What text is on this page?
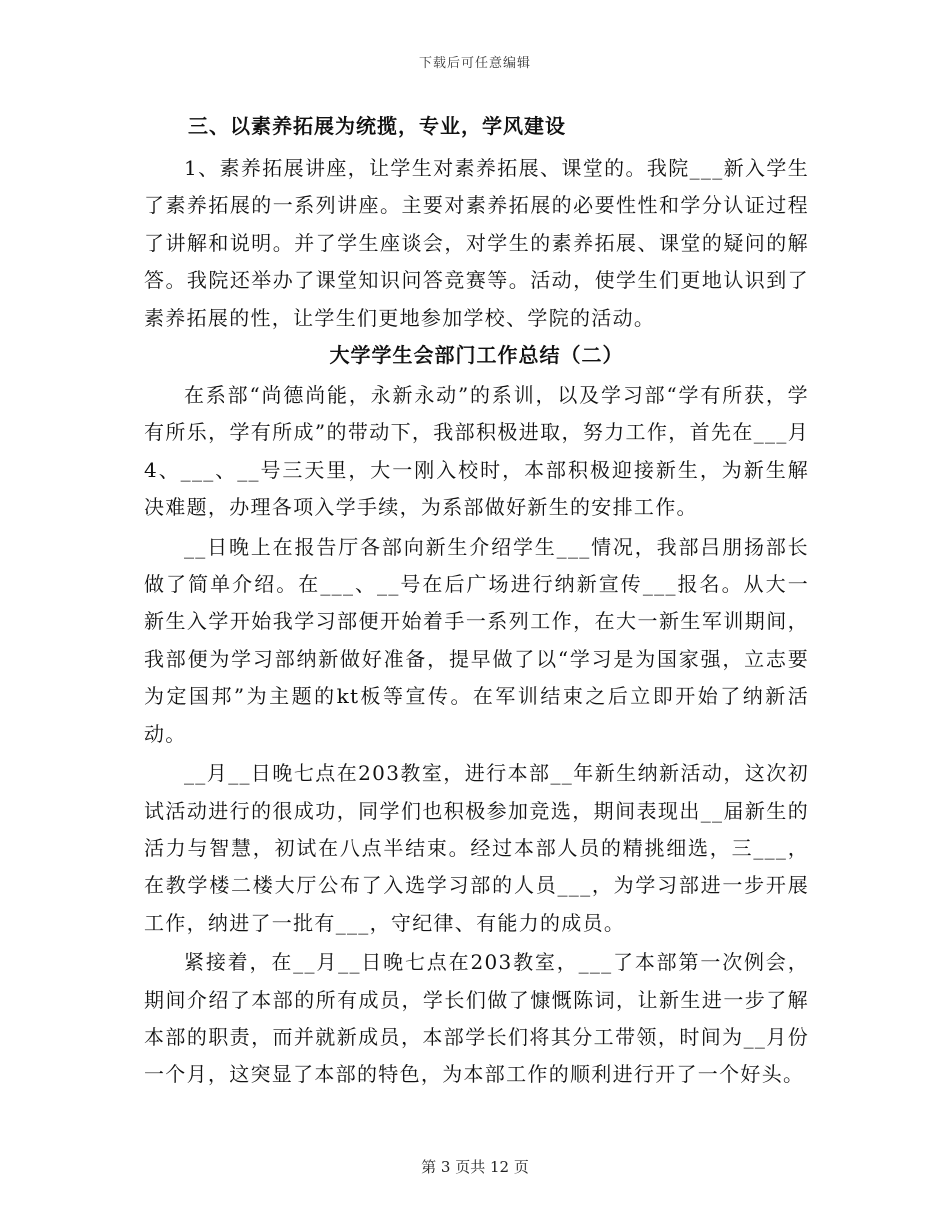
下载后可任意编辑
三、以素养拓展为统揽，专业，学风建设

1、素养拓展讲座，让学生对素养拓展、课堂的。我院___新入学生了素养拓展的一系列讲座。主要对素养拓展的必要性性和学分认证过程了讲解和说明。并了学生座谈会，对学生的素养拓展、课堂的疑问的解答。我院还举办了课堂知识问答竞赛等。活动，使学生们更地认识到了素养拓展的性，让学生们更地参加学校、学院的活动。

大学学生会部门工作总结（二）

在系部“尚德尚能，永新永动”的系训，以及学习部“学有所获，学有所乐，学有所成”的带动下，我部积极进取，努力工作，首先在___月4、___、__号三天里，大一刚入校时，本部积极迎接新生，为新生解决难题，办理各项入学手续，为系部做好新生的安排工作。

__日晚上在报告厅各部向新生介绍学生___情况，我部吕朋扬部长做了简单介绍。在___、__号在后广场进行纳新宣传___报名。从大一新生入学开始我学习部便开始着手一系列工作，在大一新生军训期间，我部便为学习部纳新做好准备，提早做了以“学习是为国家强，立志要为定国邦”为主题的kt板等宣传。在军训结束之后立即开始了纳新活动。

__月__日晚七点在203教室，进行本部__年新生纳新活动，这次初试活动进行的很成功，同学们也积极参加竞选，期间表现出__届新生的活力与智慧，初试在八点半结束。经过本部人员的精挑细选，三___，在教学楼二楼大厅公布了入选学习部的人员___，为学习部进一步开展工作，纳进了一批有___，守纪律、有能力的成员。

紧接着，在__月__日晚七点在203教室，___了本部第一次例会，期间介绍了本部的所有成员，学长们做了慷慨陈词，让新生进一步了解本部的职责，而并就新成员，本部学长们将其分工带领，时间为__月份一个月，这突显了本部的特色，为本部工作的顺利进行开了一个好头。

第 3 页共 12 页
